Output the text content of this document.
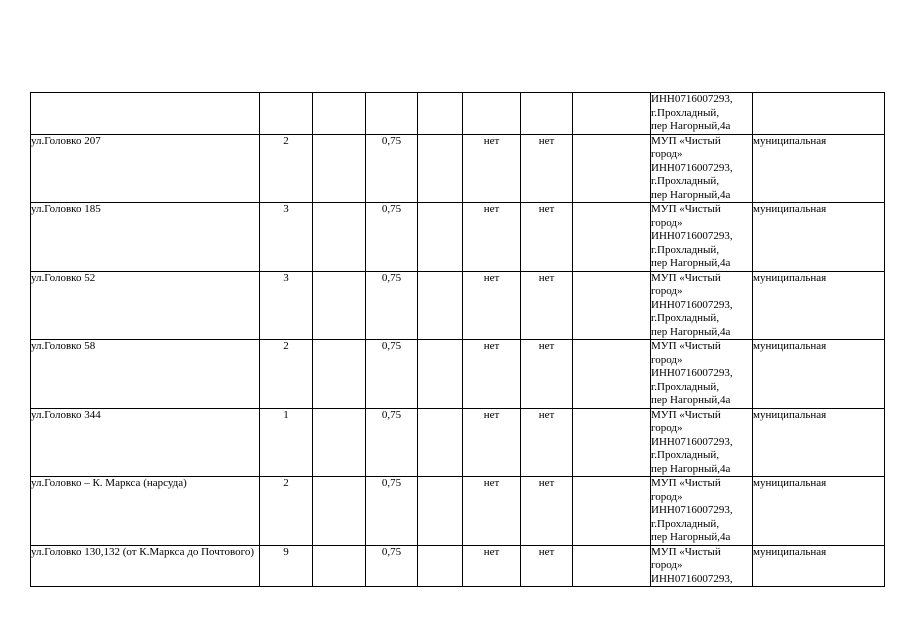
								ИНН0716007293,
г.Прохладный,
пер Нагорный,4а	

ул.Головко 207	2		0,75		нет	нет		МУП «Чистый
город»
ИНН0716007293,
г.Прохладный,
пер Нагорный,4а	муниципальная

ул.Головко 185	3		0,75		нет	нет		МУП «Чистый
город»
ИНН0716007293,
г.Прохладный,
пер Нагорный,4а	муниципальная

ул.Головко 52	3		0,75		нет	нет		МУП «Чистый
город»
ИНН0716007293,
г.Прохладный,
пер Нагорный,4а	муниципальная

ул.Головко 58	2		0,75		нет	нет		МУП «Чистый
город»
ИНН0716007293,
г.Прохладный,
пер Нагорный,4а	муниципальная

ул.Головко 344	1		0,75		нет	нет		МУП «Чистый
город»
ИНН0716007293,
г.Прохладный,
пер Нагорный,4а	муниципальная

ул.Головко – К. Маркса (нарсуда)	2		0,75		нет	нет		МУП «Чистый
город»
ИНН0716007293,
г.Прохладный,
пер Нагорный,4а	муниципальная

ул.Головко 130,132 (от К.Маркса до Почтового)	9		0,75		нет	нет		МУП «Чистый
город»
ИНН0716007293,	муниципальная
